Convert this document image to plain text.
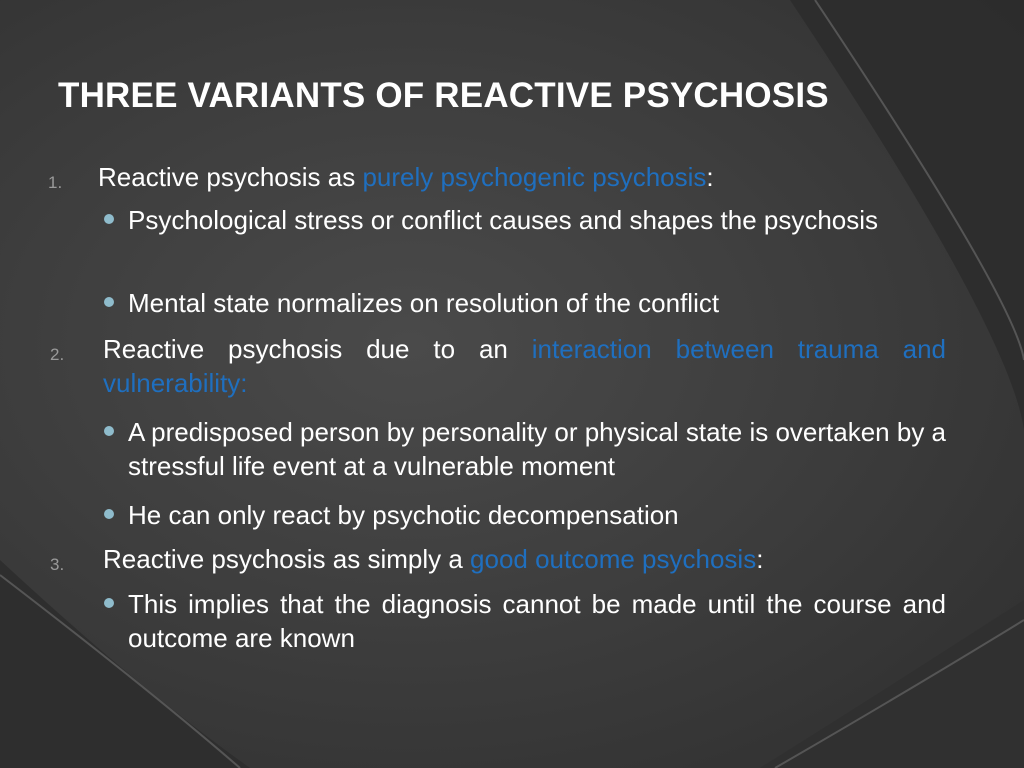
THREE VARIANTS OF REACTIVE PSYCHOSIS
1. Reactive psychosis as purely psychogenic psychosis:
Psychological stress or conflict causes and shapes the psychosis
Mental state normalizes on resolution of the conflict
2. Reactive psychosis due to an interaction between trauma and vulnerability:
A predisposed person by personality or physical state is overtaken by a stressful life event at a vulnerable moment
He can only react by psychotic decompensation
3. Reactive psychosis as simply a good outcome psychosis:
This implies that the diagnosis cannot be made until the course and outcome are known
